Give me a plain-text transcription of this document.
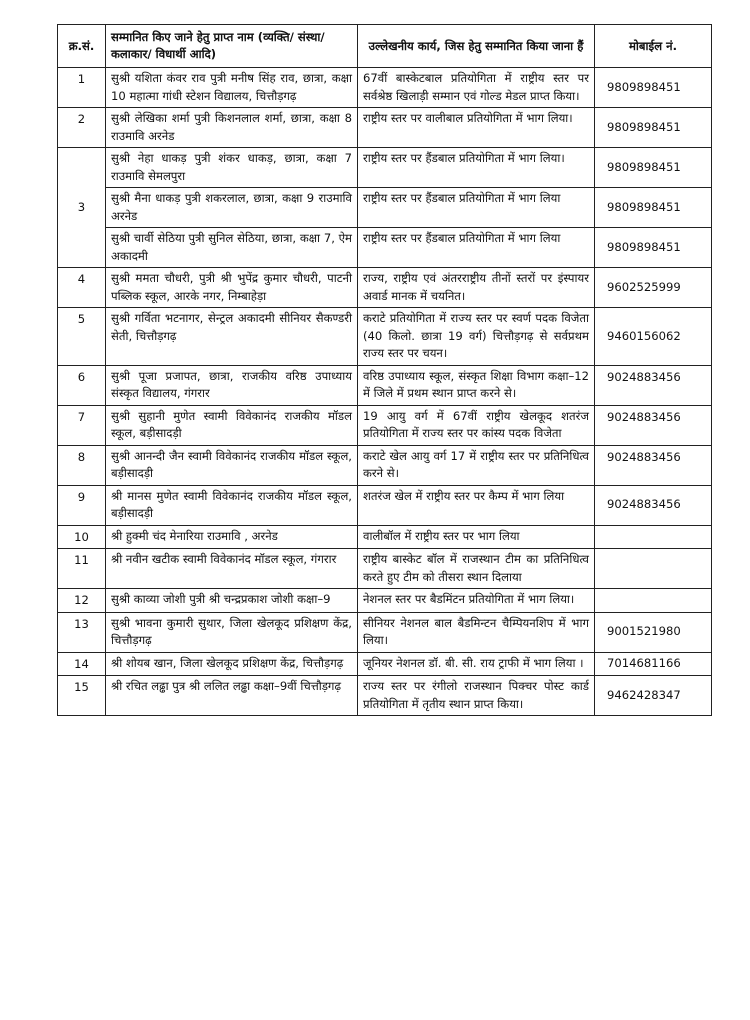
क्र.सं.	सम्मानित किए जाने हेतु प्राप्त नाम (व्यक्ति/ संस्था/ कलाकार/ विधार्थी आदि)	उल्लेखनीय कार्य, जिस हेतु सम्मानित किया जाना हैं	मोबाईल नं.
1	सुश्री यशिता कंवर राव पुत्री मनीष सिंह राव, छात्रा, कक्षा 10 महात्मा गांधी स्टेशन विद्यालय, चित्तौड़गढ़	67वीं बास्केटबाल प्रतियोगिता में राष्ट्रीय स्तर पर सर्वश्रेष्ठ खिलाड़ी सम्मान एवं गोल्ड मेडल प्राप्त किया।	9809898451
2	सुश्री लेखिका शर्मा पुत्री किशनलाल शर्मा, छात्रा, कक्षा 8 राउमावि अरनेड	राष्ट्रीय स्तर पर वालीबाल प्रतियोगिता में भाग लिया।	9809898451
3	सुश्री नेहा धाकड़ पुत्री शंकर धाकड़, छात्रा, कक्षा 7 राउमावि सेमलपुरा	राष्ट्रीय स्तर पर हैंडबाल प्रतियोगिता में भाग लिया।	9809898451
	सुश्री मैना धाकड़ पुत्री शकरलाल, छात्रा, कक्षा 9 राउमावि अरनेड	राष्ट्रीय स्तर पर हैंडबाल प्रतियोगिता में भाग लिया	9809898451
	सुश्री चार्वी सेठिया पुत्री सुनिल सेठिया, छात्रा, कक्षा 7, ऐम अकादमी	राष्ट्रीय स्तर पर हैंडबाल प्रतियोगिता में भाग लिया	9809898451
4	सुश्री ममता चौधरी, पुत्री श्री भुपेंद्र कुमार चौधरी, पाटनी पब्लिक स्कूल, आरके नगर, निम्बाहेड़ा	राज्य, राष्ट्रीय एवं अंतरराष्ट्रीय तीनों स्तरों पर इंस्पायर अवार्ड मानक में चयनित।	9602525999
5	सुश्री गर्विता भटनागर, सेन्ट्रल अकादमी सीनियर सैकण्डरी सेती, चित्तौड़गढ़	कराटे प्रतियोगिता में राज्य स्तर पर स्वर्ण पदक विजेता (40 किलो. छात्रा 19 वर्ग) चित्तौड़गढ़ से सर्वप्रथम राज्य स्तर पर चयन।	9460156062
6	सुश्री पूजा प्रजापत, छात्रा, राजकीय वरिष्ठ उपाध्याय संस्कृत विद्यालय, गंगरार	वरिष्ठ उपाध्याय स्कूल, संस्कृत शिक्षा विभाग कक्षा–12 में जिले में प्रथम स्थान प्राप्त करने से।	9024883456
7	सुश्री सुहानी मुणेत स्वामी विवेकानंद राजकीय मॉडल स्कूल, बड़ीसादड़ी	19 आयु वर्ग में 67वीं राष्ट्रीय खेलकूद शतरंज प्रतियोगिता में राज्य स्तर पर कांस्य पदक विजेता	9024883456
8	सुश्री आनन्दी जैन स्वामी विवेकानंद राजकीय मॉडल स्कूल, बड़ीसादड़ी	कराटे खेल आयु वर्ग 17 में राष्ट्रीय स्तर पर प्रतिनिधित्व करने से।	9024883456
9	श्री मानस मुणेत स्वामी विवेकानंद राजकीय मॉडल स्कूल, बड़ीसादड़ी	शतरंज खेल में राष्ट्रीय स्तर पर कैम्प में भाग लिया	9024883456
10	श्री हुक्मी चंद मेनारिया राउमावि , अरनेड	वालीबॉल में राष्ट्रीय स्तर पर भाग लिया	
11	श्री नवीन खटीक स्वामी विवेकानंद मॉडल स्कूल, गंगरार	राष्ट्रीय बास्केट बॉल में राजस्थान टीम का प्रतिनिधित्व करते हुए टीम को तीसरा स्थान दिलाया	
12	सुश्री काव्या जोशी पुत्री श्री चन्द्रप्रकाश जोशी कक्षा–9	नेशनल स्तर पर बैडमिंटन प्रतियोगिता में भाग लिया।	
13	सुश्री भावना कुमारी सुथार, जिला खेलकूद प्रशिक्षण केंद्र, चित्तौड़गढ़	सीनियर नेशनल बाल बैडमिन्टन चैम्पियनशिप में भाग लिया।	9001521980
14	श्री शोयब खान, जिला खेलकूद प्रशिक्षण केंद्र, चित्तौड़गढ़	जूनियर नेशनल डॉ. बी. सी. राय ट्राफी में भाग लिया ।	7014681166
15	श्री रचित लढ्ढा पुत्र श्री ललित लढ्ढा कक्षा–9वीं चित्तौड़गढ़	राज्य स्तर पर रंगीलो राजस्थान पिक्चर पोस्ट कार्ड प्रतियोगिता में तृतीय स्थान प्राप्त किया।	9462428347
